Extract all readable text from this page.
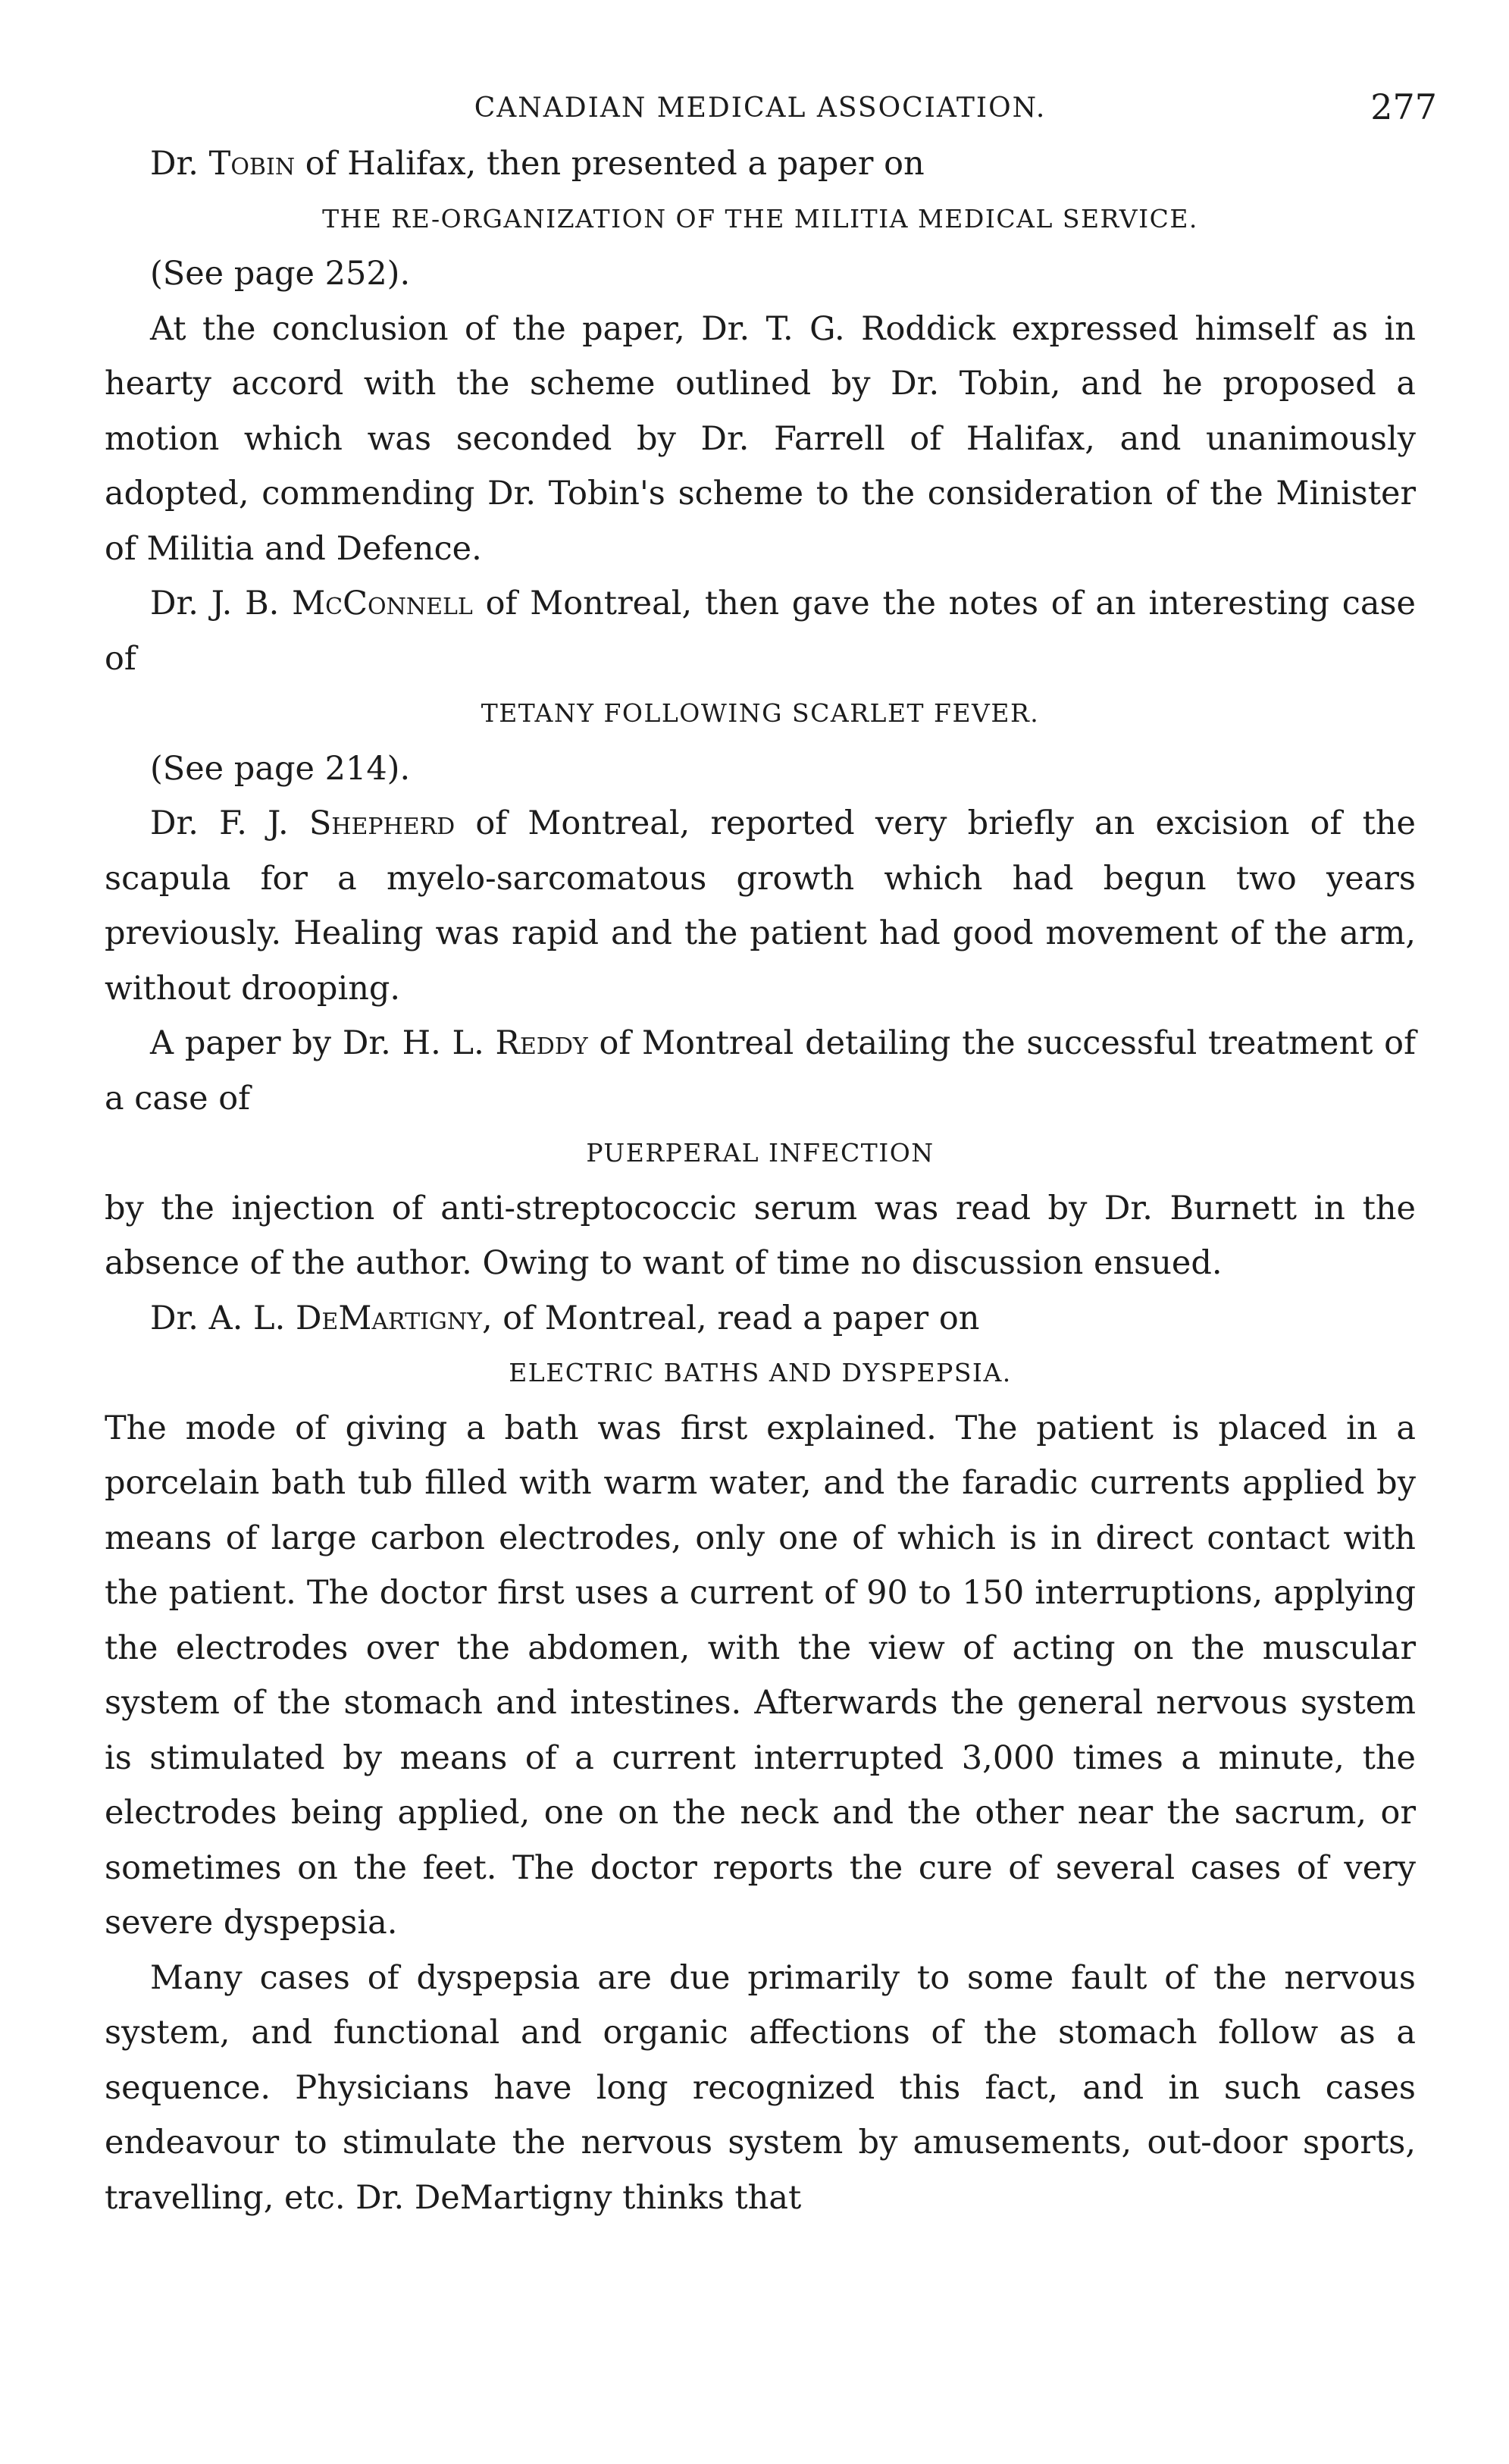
CANADIAN MEDICAL ASSOCIATION.	277

Dr. Tobin of Halifax, then presented a paper on

THE RE-ORGANIZATION OF THE MILITIA MEDICAL SERVICE.

(See page 252).

At the conclusion of the paper, Dr. T. G. Roddick expressed himself as in hearty accord with the scheme outlined by Dr. Tobin, and he proposed a motion which was seconded by Dr. Farrell of Halifax, and unanimously adopted, commending Dr. Tobin's scheme to the consideration of the Minister of Militia and Defence.

Dr. J. B. McConnell of Montreal, then gave the notes of an interesting case of

TETANY FOLLOWING SCARLET FEVER.

(See page 214).

Dr. F. J. Shepherd of Montreal, reported very briefly an excision of the scapula for a myelo-sarcomatous growth which had begun two years previously. Healing was rapid and the patient had good movement of the arm, without drooping.

A paper by Dr. H. L. Reddy of Montreal detailing the successful treatment of a case of

PUERPERAL INFECTION

by the injection of anti-streptococcic serum was read by Dr. Burnett in the absence of the author. Owing to want of time no discussion ensued.

Dr. A. L. DeMartigny, of Montreal, read a paper on

ELECTRIC BATHS AND DYSPEPSIA.

The mode of giving a bath was first explained. The patient is placed in a porcelain bath tub filled with warm water, and the faradic currents applied by means of large carbon electrodes, only one of which is in direct contact with the patient. The doctor first uses a current of 90 to 150 interruptions, applying the electrodes over the abdomen, with the view of acting on the muscular system of the stomach and intestines. Afterwards the general nervous system is stimulated by means of a current interrupted 3,000 times a minute, the electrodes being applied, one on the neck and the other near the sacrum, or sometimes on the feet. The doctor reports the cure of several cases of very severe dyspepsia.

Many cases of dyspepsia are due primarily to some fault of the nervous system, and functional and organic affections of the stomach follow as a sequence. Physicians have long recognized this fact, and in such cases endeavour to stimulate the nervous system by amusements, out-door sports, travelling, etc. Dr. DeMartigny thinks that
